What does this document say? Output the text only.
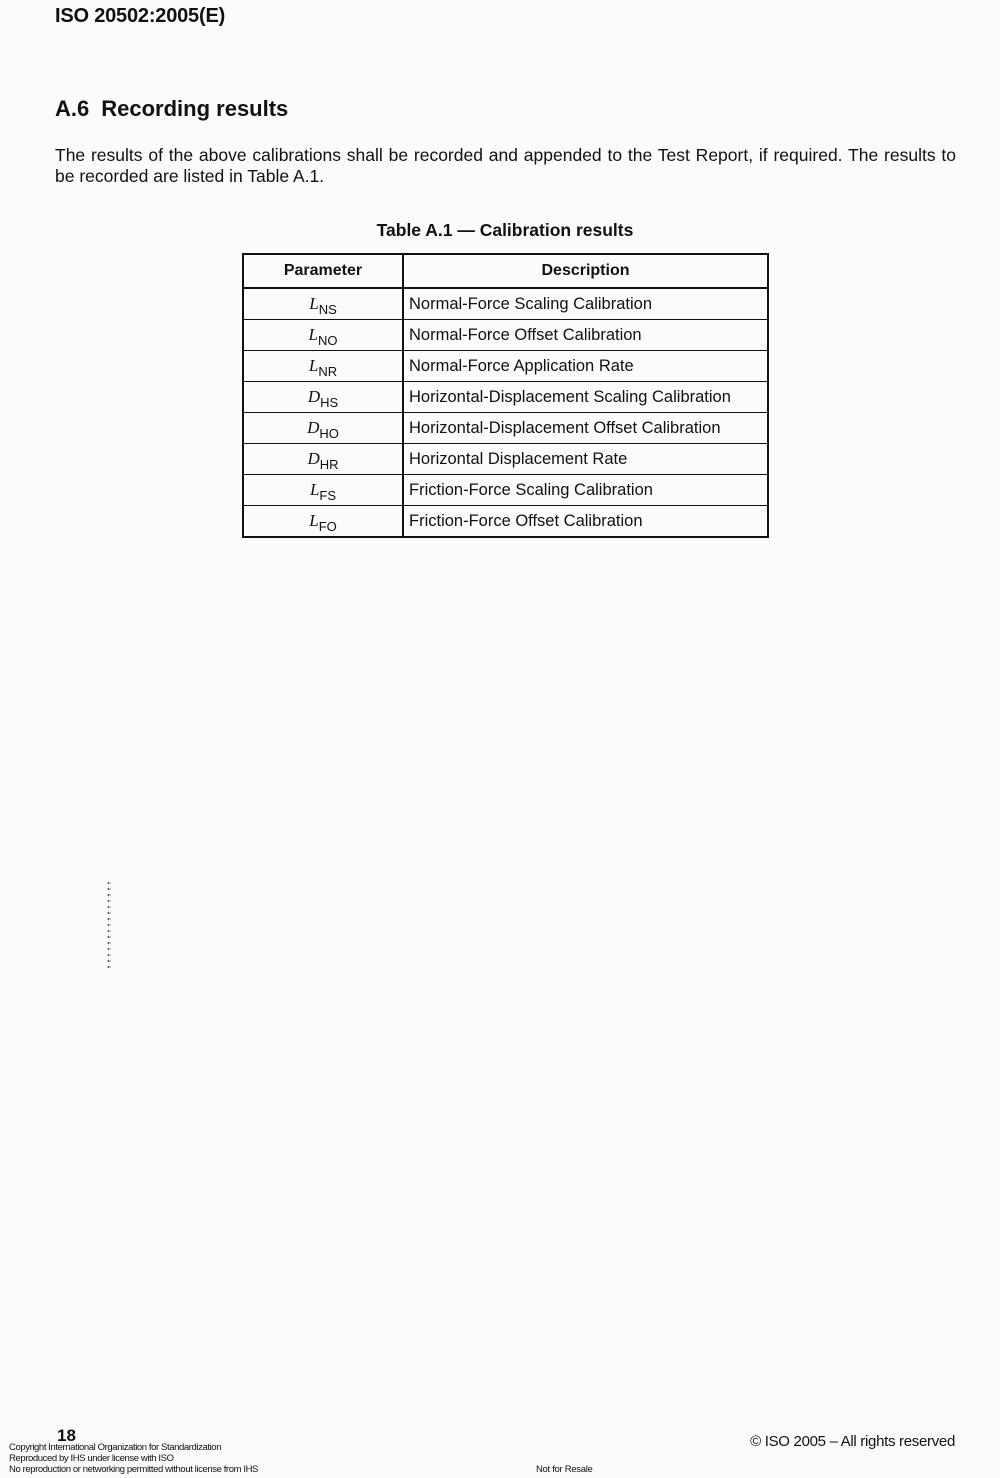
ISO 20502:2005(E)
A.6 Recording results
The results of the above calibrations shall be recorded and appended to the Test Report, if required. The results to be recorded are listed in Table A.1.
Table A.1 — Calibration results
Parameter	Description
$L_{NS}$	Normal-Force Scaling Calibration
$L_{NO}$	Normal-Force Offset Calibration
$L_{NR}$	Normal-Force Application Rate
$D_{HS}$	Horizontal-Displacement Scaling Calibration
$D_{HO}$	Horizontal-Displacement Offset Calibration
$D_{HR}$	Horizontal Displacement Rate
$L_{FS}$	Friction-Force Scaling Calibration
$L_{FO}$	Friction-Force Offset Calibration
18
Copyright International Organization for Standardization
Reproduced by IHS under license with ISO
No reproduction or networking permitted without license from IHS	Not for Resale
© ISO 2005 – All rights reserved
